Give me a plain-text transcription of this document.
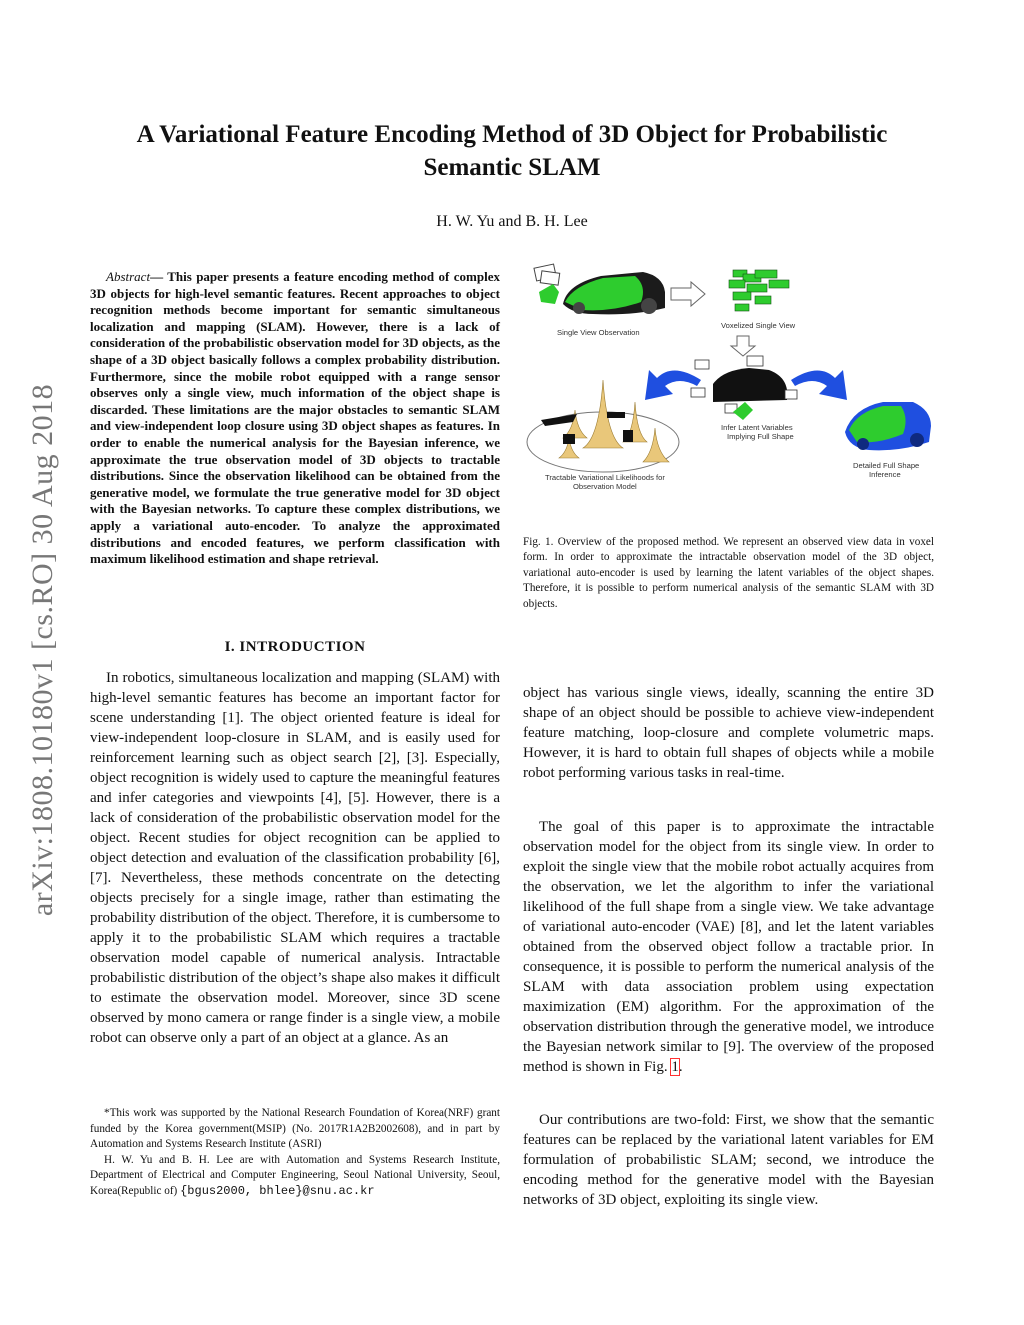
arXiv:1808.10180v1 [cs.RO] 30 Aug 2018
A Variational Feature Encoding Method of 3D Object for Probabilistic Semantic SLAM

H. W. Yu and B. H. Lee

Abstract— This paper presents a feature encoding method of complex 3D objects for high-level semantic features. Recent approaches to object recognition methods become important for semantic simultaneous localization and mapping (SLAM). However, there is a lack of consideration of the probabilistic observation model for 3D objects, as the shape of a 3D object basically follows a complex probability distribution. Furthermore, since the mobile robot equipped with a range sensor observes only a single view, much information of the object shape is discarded. These limitations are the major obstacles to semantic SLAM and view-independent loop closure using 3D object shapes as features. In order to enable the numerical analysis for the Bayesian inference, we approximate the true observation model of 3D objects to tractable distributions. Since the observation likelihood can be obtained from the generative model, we formulate the true generative model for 3D object with the Bayesian networks. To capture these complex distributions, we apply a variational auto-encoder. To analyze the approximated distributions and encoded features, we perform classification with maximum likelihood estimation and shape retrieval.

I. INTRODUCTION

In robotics, simultaneous localization and mapping (SLAM) with high-level semantic features has become an important factor for scene understanding [1]. The object oriented feature is ideal for view-independent loop-closure in SLAM, and is easily used for reinforcement learning such as object search [2], [3]. Especially, object recognition is widely used to capture the meaningful features and infer categories and viewpoints [4], [5]. However, there is a lack of consideration of the probabilistic observation model for the object. Recent studies for object recognition can be applied to object detection and evaluation of the classification probability [6], [7]. Nevertheless, these methods concentrate on the detecting objects precisely for a single image, rather than estimating the probability distribution of the object. Therefore, it is cumbersome to apply it to the probabilistic SLAM which requires a tractable observation model capable of numerical analysis. Intractable probabilistic distribution of the object’s shape also makes it difficult to estimate the observation model. Moreover, since 3D scene observed by mono camera or range finder is a single view, a mobile robot can observe only a part of an object at a glance. As an

*This work was supported by the National Research Foundation of Korea(NRF) grant funded by the Korea government(MSIP) (No. 2017R1A2B2002608), and in part by Automation and Systems Research Institute (ASRI)

H. W. Yu and B. H. Lee are with Automation and Systems Research Institute, Department of Electrical and Computer Engineering, Seoul National University, Seoul, Korea(Republic of) {bgus2000, bhlee}@snu.ac.kr

Single View Observation
Voxelized Single View
Infer Latent Variables
Implying Full Shape
Tractable Variational Likelihoods for
Observation Model
Detailed Full Shape
Inference

Fig. 1. Overview of the proposed method. We represent an observed view data in voxel form. In order to approximate the intractable observation model of the 3D object, variational auto-encoder is used by learning the latent variables of the object shapes. Therefore, it is possible to perform numerical analysis of the semantic SLAM with 3D objects.

object has various single views, ideally, scanning the entire 3D shape of an object should be possible to achieve view-independent feature matching, loop-closure and complete volumetric maps. However, it is hard to obtain full shapes of objects while a mobile robot performing various tasks in real-time.

The goal of this paper is to approximate the intractable observation model for the object from its single view. In order to exploit the single view that the mobile robot actually acquires from the observation, we let the algorithm to infer the variational likelihood of the full shape from a single view. We take advantage of variational auto-encoder (VAE) [8], and let the latent variables obtained from the observed object follow a tractable prior. In consequence, it is possible to perform the numerical analysis of the SLAM with data association problem using expectation maximization (EM) algorithm. For the approximation of the observation distribution through the generative model, we introduce the Bayesian network similar to [9]. The overview of the proposed method is shown in Fig. 1.

Our contributions are two-fold: First, we show that the semantic features can be replaced by the variational latent variables for EM formulation of probabilistic SLAM; second, we introduce the encoding method for the generative model with the Bayesian networks of 3D object, exploiting its single view.
